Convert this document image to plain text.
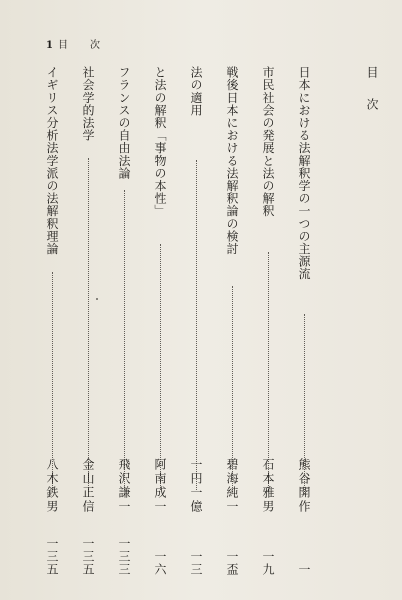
1 目 次
目次
日本における法解釈学の一つの主源流
熊谷開作
一
市民社会の発展と法の解釈
石本雅男
一九
戦後日本における法解釈論の検討
碧海純一
一盃
法の適用
一円一億
一三
「事物の本性」と法の解釈
阿南成一
一六
フランスの自由法論
飛沢謙一
一三三
社会学的法学
金山正信
一三五
イギリス分析法学派の法解釈理論
八木鉄男
一三五
